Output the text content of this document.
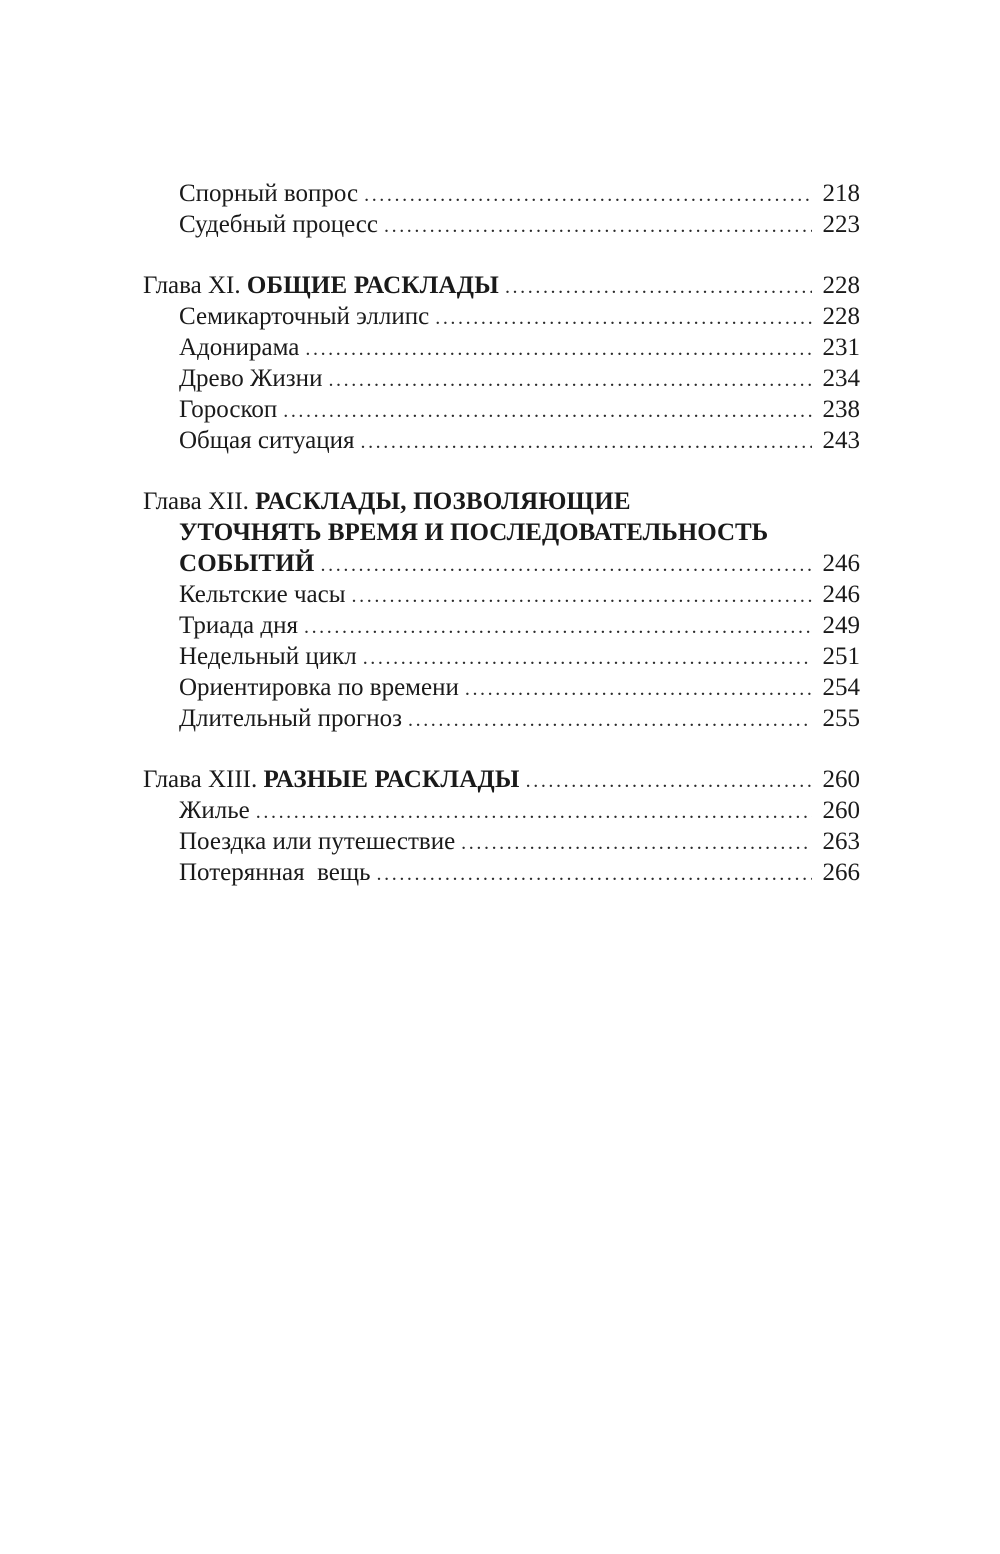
Спорный вопрос .....	218
Судебный процесс .....	223
Глава XI. ОБЩИЕ РАСКЛАДЫ .....	228
Семикарточный эллипс .....	228
Адонирама .....	231
Древо Жизни .....	234
Гороскоп .....	238
Общая ситуация .....	243
Глава XII. РАСКЛАДЫ, ПОЗВОЛЯЮЩИЕ
УТОЧНЯТЬ ВРЕМЯ И ПОСЛЕДОВАТЕЛЬНОСТЬ
СОБЫТИЙ .....	246
Кельтские часы .....	246
Триада дня .....	249
Недельный цикл .....	251
Ориентировка по времени .....	254
Длительный прогноз .....	255
Глава XIII. РАЗНЫЕ РАСКЛАДЫ .....	260
Жилье .....	260
Поездка или путешествие .....	263
Потерянная  вещь .....	266
